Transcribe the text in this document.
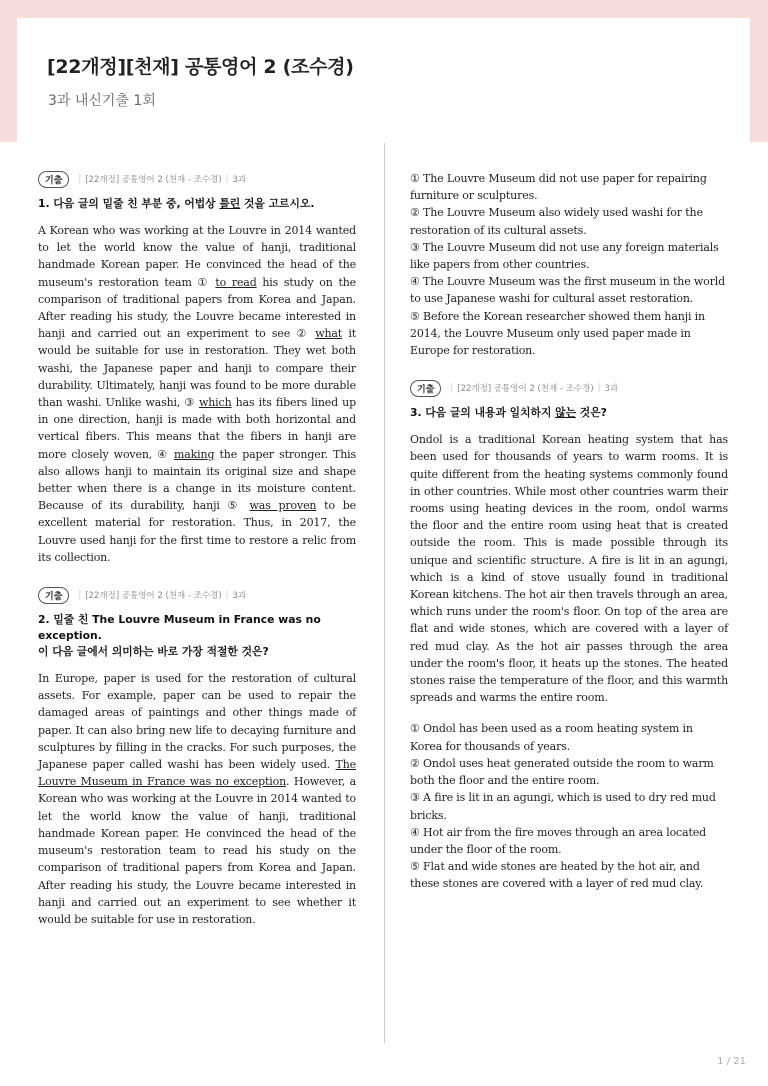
[22개정][천재] 공통영어 2 (조수경)
3과 내신기출 1회
기출	| [22개정] 공통영어 2 (천재 - 조수경) | 3과

1. 다음 글의 밑줄 친 부분 중, 어법상 틀린 것을 고르시오.

A Korean who was working at the Louvre in 2014 wanted to let the world know the value of hanji, traditional handmade Korean paper. He convinced the head of the museum's restoration team ① to read his study on the comparison of traditional papers from Korea and Japan. After reading his study, the Louvre became interested in hanji and carried out an experiment to see ② what it would be suitable for use in restoration. They wet both washi, the Japanese paper and hanji to compare their durability. Ultimately, hanji was found to be more durable than washi. Unlike washi, ③ which has its fibers lined up in one direction, hanji is made with both horizontal and vertical fibers. This means that the fibers in hanji are more closely woven, ④ making the paper stronger. This also allows hanji to maintain its original size and shape better when there is a change in its moisture content. Because of its durability, hanji ⑤ was proven to be excellent material for restoration. Thus, in 2017, the Louvre used hanji for the first time to restore a relic from its collection.

기출	| [22개정] 공통영어 2 (천재 - 조수경) | 3과

2. 밑줄 친 The Louvre Museum in France was no exception.
이 다음 글에서 의미하는 바로 가장 적절한 것은?

In Europe, paper is used for the restoration of cultural assets. For example, paper can be used to repair the damaged areas of paintings and other things made of paper. It can also bring new life to decaying furniture and sculptures by filling in the cracks. For such purposes, the Japanese paper called washi has been widely used. The Louvre Museum in France was no exception. However, a Korean who was working at the Louvre in 2014 wanted to let the world know the value of hanji, traditional handmade Korean paper. He convinced the head of the museum's restoration team to read his study on the comparison of traditional papers from Korea and Japan. After reading his study, the Louvre became interested in hanji and carried out an experiment to see whether it would be suitable for use in restoration.

① The Louvre Museum did not use paper for repairing furniture or sculptures.

② The Louvre Museum also widely used washi for the restoration of its cultural assets.

③ The Louvre Museum did not use any foreign materials like papers from other countries.

④ The Louvre Museum was the first museum in the world to use Japanese washi for cultural asset restoration.

⑤ Before the Korean researcher showed them hanji in 2014, the Louvre Museum only used paper made in Europe for restoration.

기출	| [22개정] 공통영어 2 (천재 - 조수경) | 3과

3. 다음 글의 내용과 일치하지 않는 것은?

Ondol is a traditional Korean heating system that has been used for thousands of years to warm rooms. It is quite different from the heating systems commonly found in other countries. While most other countries warm their rooms using heating devices in the room, ondol warms the floor and the entire room using heat that is created outside the room. This is made possible through its unique and scientific structure. A fire is lit in an agungi, which is a kind of stove usually found in traditional Korean kitchens. The hot air then travels through an area, which runs under the room's floor. On top of the area are flat and wide stones, which are covered with a layer of red mud clay. As the hot air passes through the area under the room's floor, it heats up the stones. The heated stones raise the temperature of the floor, and this warmth spreads and warms the entire room.

① Ondol has been used as a room heating system in Korea for thousands of years.

② Ondol uses heat generated outside the room to warm both the floor and the entire room.

③ A fire is lit in an agungi, which is used to dry red mud bricks.

④ Hot air from the fire moves through an area located under the floor of the room.

⑤ Flat and wide stones are heated by the hot air, and these stones are covered with a layer of red mud clay.

1 / 21
